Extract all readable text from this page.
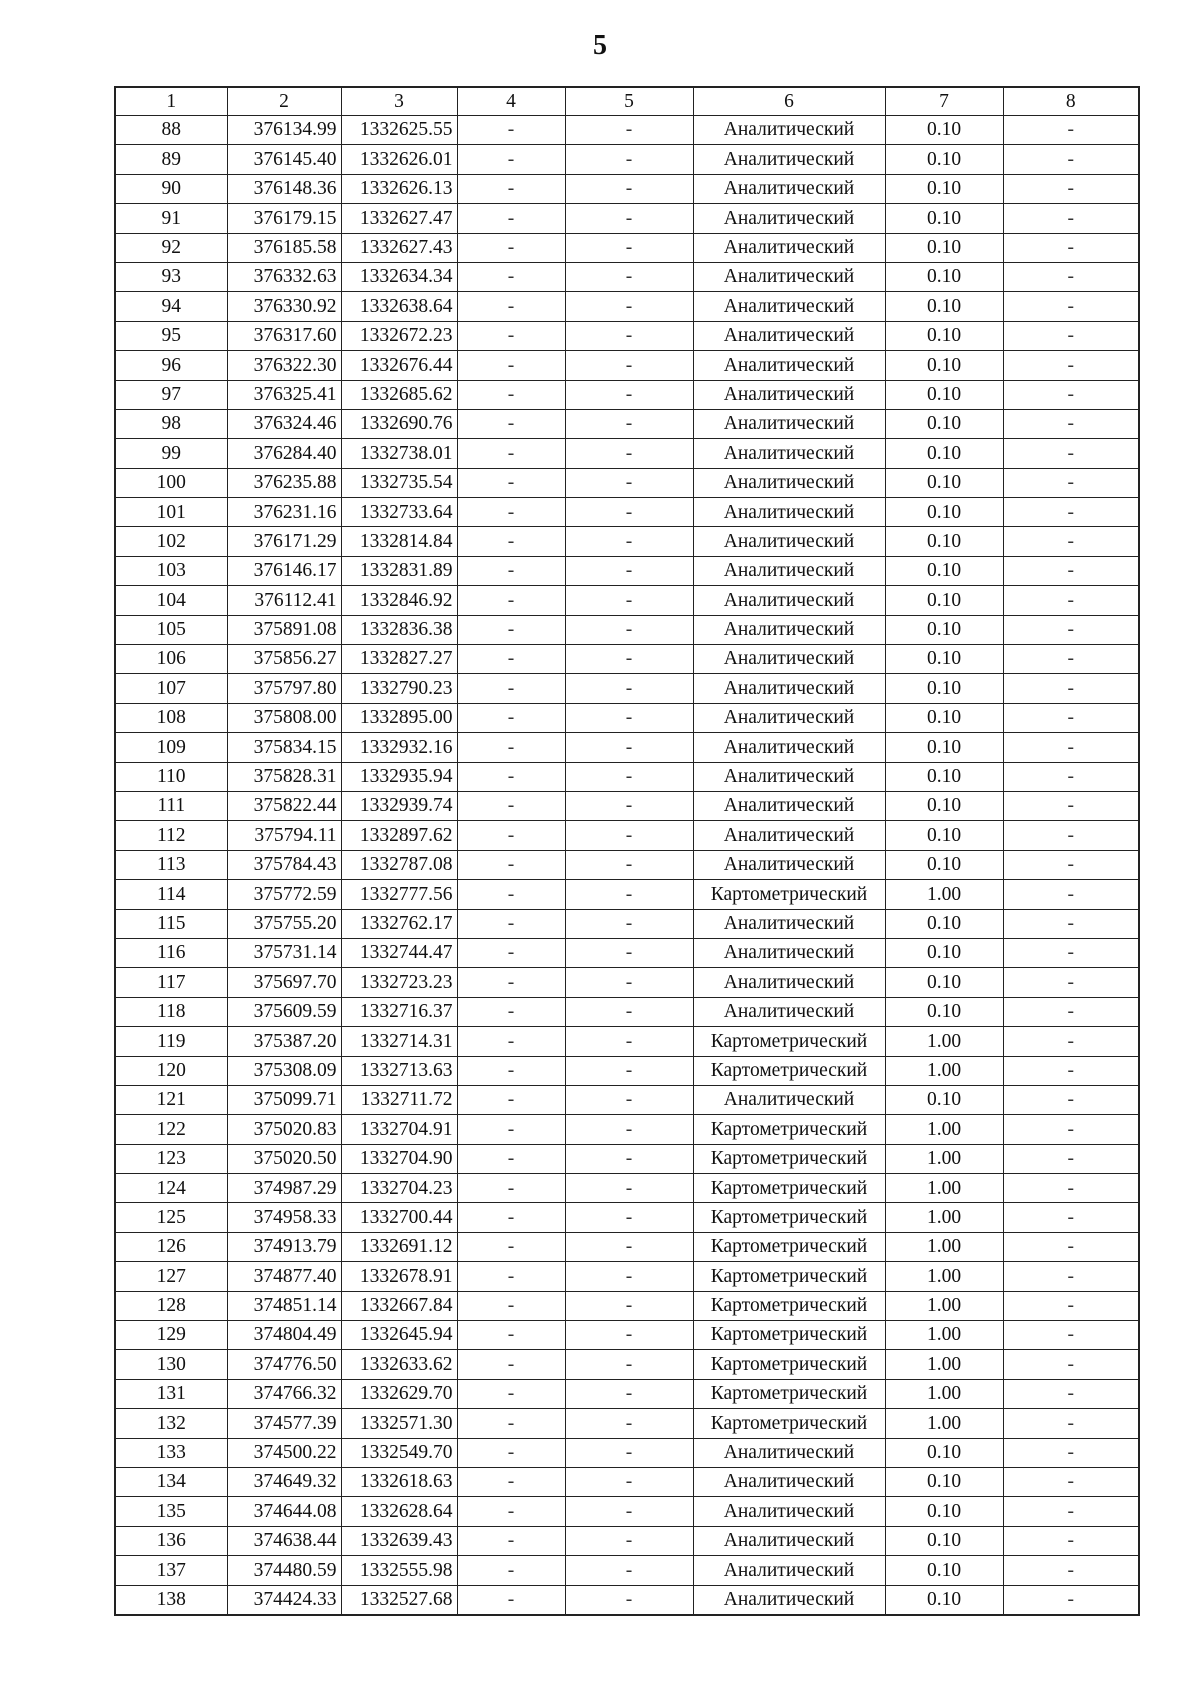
5
1	2	3	4	5	6	7	8
88	376134.99	1332625.55	-	-	Аналитический	0.10	-
89	376145.40	1332626.01	-	-	Аналитический	0.10	-
90	376148.36	1332626.13	-	-	Аналитический	0.10	-
91	376179.15	1332627.47	-	-	Аналитический	0.10	-
92	376185.58	1332627.43	-	-	Аналитический	0.10	-
93	376332.63	1332634.34	-	-	Аналитический	0.10	-
94	376330.92	1332638.64	-	-	Аналитический	0.10	-
95	376317.60	1332672.23	-	-	Аналитический	0.10	-
96	376322.30	1332676.44	-	-	Аналитический	0.10	-
97	376325.41	1332685.62	-	-	Аналитический	0.10	-
98	376324.46	1332690.76	-	-	Аналитический	0.10	-
99	376284.40	1332738.01	-	-	Аналитический	0.10	-
100	376235.88	1332735.54	-	-	Аналитический	0.10	-
101	376231.16	1332733.64	-	-	Аналитический	0.10	-
102	376171.29	1332814.84	-	-	Аналитический	0.10	-
103	376146.17	1332831.89	-	-	Аналитический	0.10	-
104	376112.41	1332846.92	-	-	Аналитический	0.10	-
105	375891.08	1332836.38	-	-	Аналитический	0.10	-
106	375856.27	1332827.27	-	-	Аналитический	0.10	-
107	375797.80	1332790.23	-	-	Аналитический	0.10	-
108	375808.00	1332895.00	-	-	Аналитический	0.10	-
109	375834.15	1332932.16	-	-	Аналитический	0.10	-
110	375828.31	1332935.94	-	-	Аналитический	0.10	-
111	375822.44	1332939.74	-	-	Аналитический	0.10	-
112	375794.11	1332897.62	-	-	Аналитический	0.10	-
113	375784.43	1332787.08	-	-	Аналитический	0.10	-
114	375772.59	1332777.56	-	-	Картометрический	1.00	-
115	375755.20	1332762.17	-	-	Аналитический	0.10	-
116	375731.14	1332744.47	-	-	Аналитический	0.10	-
117	375697.70	1332723.23	-	-	Аналитический	0.10	-
118	375609.59	1332716.37	-	-	Аналитический	0.10	-
119	375387.20	1332714.31	-	-	Картометрический	1.00	-
120	375308.09	1332713.63	-	-	Картометрический	1.00	-
121	375099.71	1332711.72	-	-	Аналитический	0.10	-
122	375020.83	1332704.91	-	-	Картометрический	1.00	-
123	375020.50	1332704.90	-	-	Картометрический	1.00	-
124	374987.29	1332704.23	-	-	Картометрический	1.00	-
125	374958.33	1332700.44	-	-	Картометрический	1.00	-
126	374913.79	1332691.12	-	-	Картометрический	1.00	-
127	374877.40	1332678.91	-	-	Картометрический	1.00	-
128	374851.14	1332667.84	-	-	Картометрический	1.00	-
129	374804.49	1332645.94	-	-	Картометрический	1.00	-
130	374776.50	1332633.62	-	-	Картометрический	1.00	-
131	374766.32	1332629.70	-	-	Картометрический	1.00	-
132	374577.39	1332571.30	-	-	Картометрический	1.00	-
133	374500.22	1332549.70	-	-	Аналитический	0.10	-
134	374649.32	1332618.63	-	-	Аналитический	0.10	-
135	374644.08	1332628.64	-	-	Аналитический	0.10	-
136	374638.44	1332639.43	-	-	Аналитический	0.10	-
137	374480.59	1332555.98	-	-	Аналитический	0.10	-
138	374424.33	1332527.68	-	-	Аналитический	0.10	-
